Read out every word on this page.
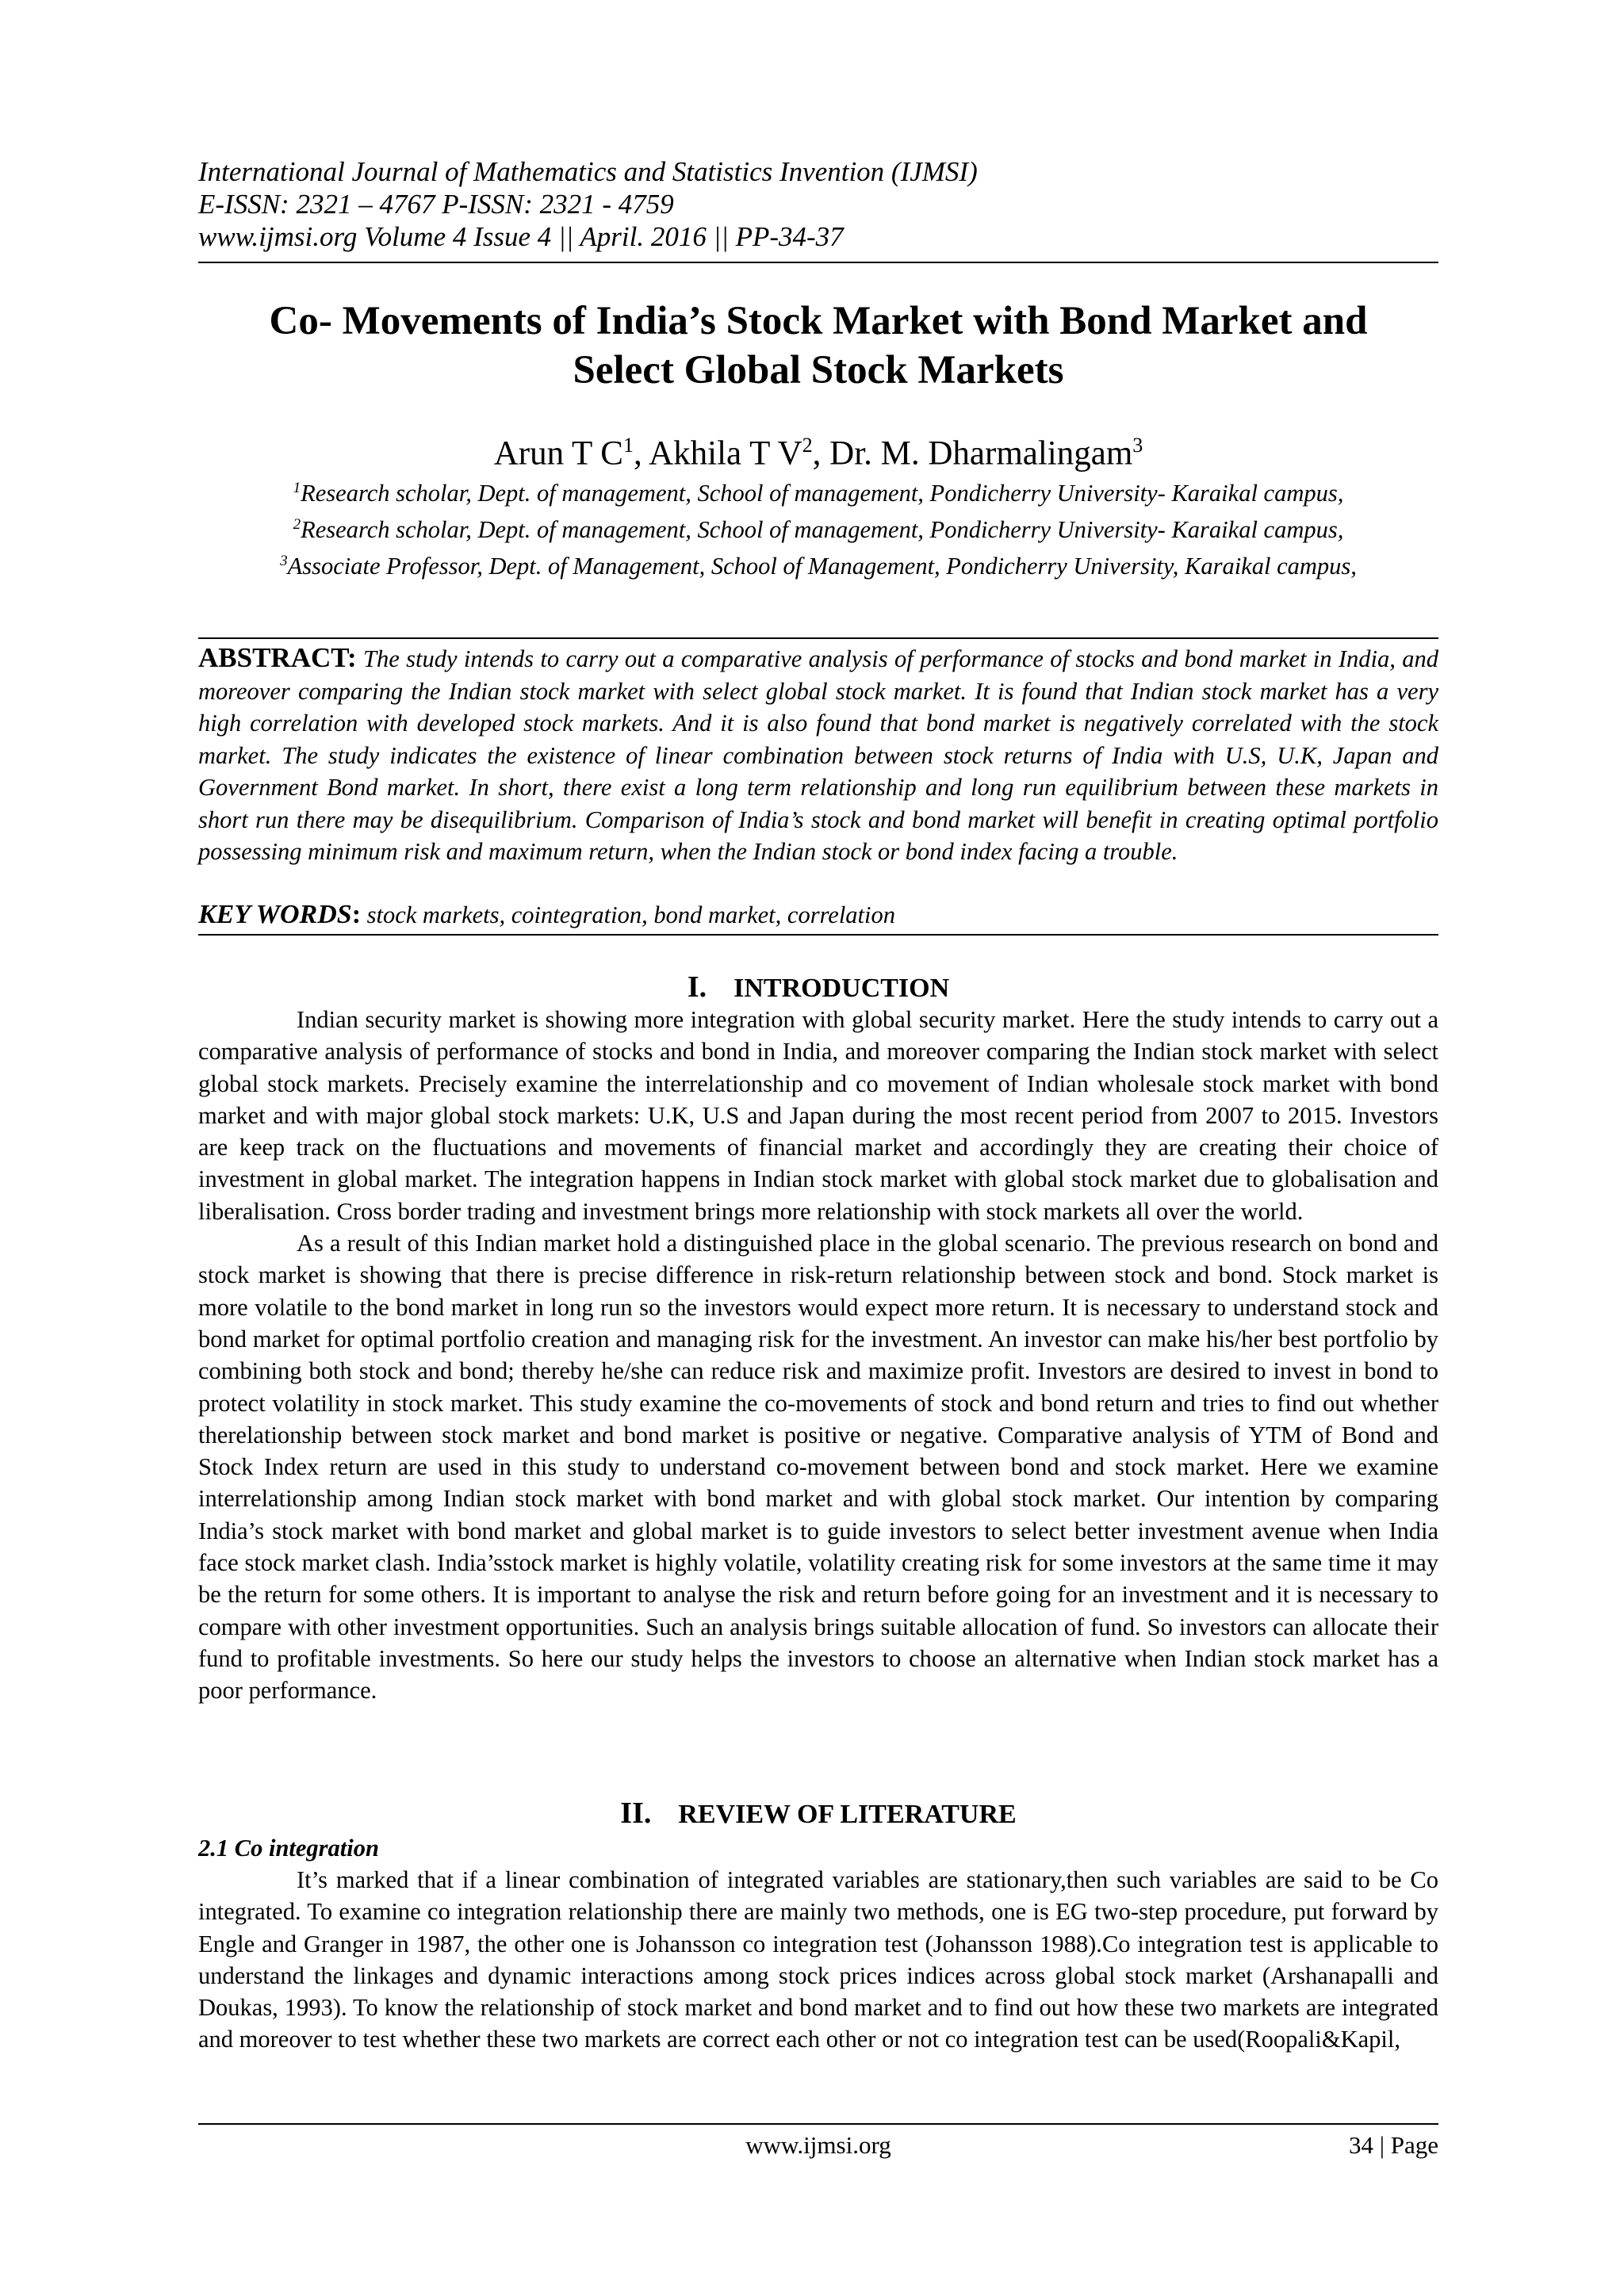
International Journal of Mathematics and Statistics Invention (IJMSI)
E-ISSN: 2321 – 4767 P-ISSN: 2321 - 4759
www.ijmsi.org Volume 4 Issue 4 || April. 2016 || PP-34-37
Co- Movements of India’s Stock Market with Bond Market and
Select Global Stock Markets
Arun T $C^1$, Akhila T $V^2$, Dr. M. Dharmalingam$^3$
$^1$Research scholar, Dept. of management, School of management, Pondicherry University- Karaikal campus,
$^2$Research scholar, Dept. of management, School of management, Pondicherry University- Karaikal campus,
$^3$Associate Professor, Dept. of Management, School of Management, Pondicherry University, Karaikal campus,
ABSTRACT: The study intends to carry out a comparative analysis of performance of stocks and bond market in India, and moreover comparing the Indian stock market with select global stock market. It is found that Indian stock market has a very high correlation with developed stock markets. And it is also found that bond market is negatively correlated with the stock market. The study indicates the existence of linear combination between stock returns of India with U.S, U.K, Japan and Government Bond market. In short, there exist a long term relationship and long run equilibrium between these markets in short run there may be disequilibrium. Comparison of India’s stock and bond market will benefit in creating optimal portfolio possessing minimum risk and maximum return, when the Indian stock or bond index facing a trouble.
KEY WORDS: stock markets, cointegration, bond market, correlation
I. INTRODUCTION

Indian security market is showing more integration with global security market. Here the study intends to carry out a comparative analysis of performance of stocks and bond in India, and moreover comparing the Indian stock market with select global stock markets. Precisely examine the interrelationship and co movement of Indian wholesale stock market with bond market and with major global stock markets: U.K, U.S and Japan during the most recent period from 2007 to 2015. Investors are keep track on the fluctuations and movements of financial market and accordingly they are creating their choice of investment in global market. The integration happens in Indian stock market with global stock market due to globalisation and liberalisation. Cross border trading and investment brings more relationship with stock markets all over the world.

As a result of this Indian market hold a distinguished place in the global scenario. The previous research on bond and stock market is showing that there is precise difference in risk-return relationship between stock and bond. Stock market is more volatile to the bond market in long run so the investors would expect more return. It is necessary to understand stock and bond market for optimal portfolio creation and managing risk for the investment. An investor can make his/her best portfolio by combining both stock and bond; thereby he/she can reduce risk and maximize profit. Investors are desired to invest in bond to protect volatility in stock market. This study examine the co-movements of stock and bond return and tries to find out whether therelationship between stock market and bond market is positive or negative. Comparative analysis of YTM of Bond and Stock Index return are used in this study to understand co-movement between bond and stock market. Here we examine interrelationship among Indian stock market with bond market and with global stock market. Our intention by comparing India’s stock market with bond market and global market is to guide investors to select better investment avenue when India face stock market clash. India’sstock market is highly volatile, volatility creating risk for some investors at the same time it may be the return for some others. It is important to analyse the risk and return before going for an investment and it is necessary to compare with other investment opportunities. Such an analysis brings suitable allocation of fund. So investors can allocate their fund to profitable investments. So here our study helps the investors to choose an alternative when Indian stock market has a poor performance.

II. REVIEW OF LITERATURE
2.1 Co integration

It’s marked that if a linear combination of integrated variables are stationary,then such variables are said to be Co integrated. To examine co integration relationship there are mainly two methods, one is EG two-step procedure, put forward by Engle and Granger in 1987, the other one is Johansson co integration test (Johansson 1988).Co integration test is applicable to understand the linkages and dynamic interactions among stock prices indices across global stock market (Arshanapalli and Doukas, 1993). To know the relationship of stock market and bond market and to find out how these two markets are integrated and moreover to test whether these two markets are correct each other or not co integration test can be used(Roopali&Kapil,

www.ijmsi.org	34 | Page
